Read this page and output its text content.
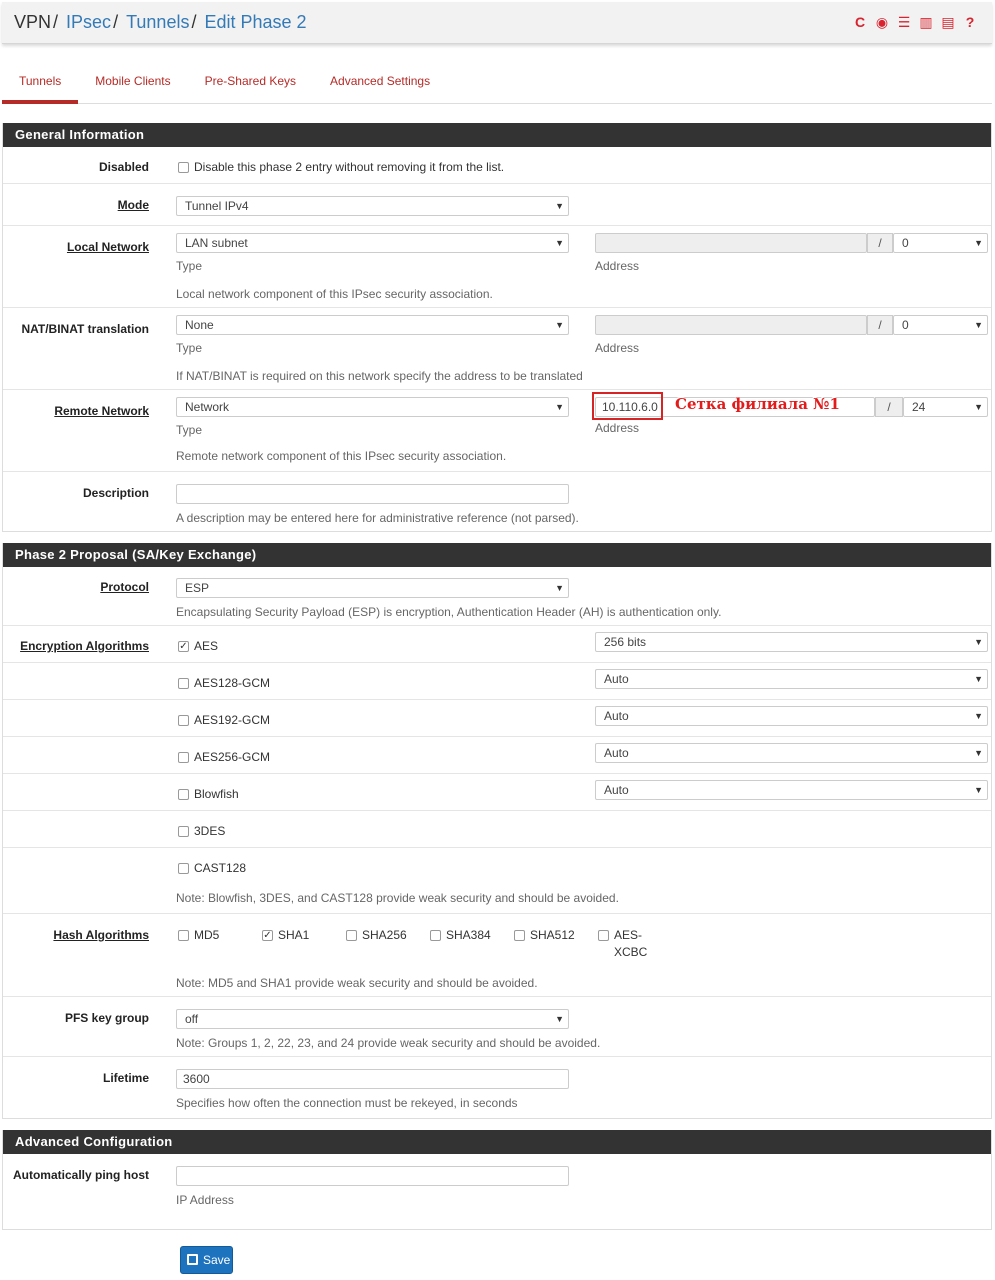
VPN / IPsec / Tunnels / Edit Phase 2	C ◉ ☰ ▥ ▤ ?
Tunnels	Mobile Clients	Pre-Shared Keys	Advanced Settings
General Information
Disabled	Disable this phase 2 entry without removing it from the list.
Mode	Tunnel IPv4	▼
Local Network	LAN subnet	▼
Type
/	0	▼
Address
Local network component of this IPsec security association.
NAT/BINAT translation	None	▼
Type
/	0	▼
Address
If NAT/BINAT is required on this network specify the address to be translated
Remote Network	Network	▼
Type
10.110.6.0	Сетка филиала №1	/	24	▼
Address
Remote network component of this IPsec security association.
Description
A description may be entered here for administrative reference (not parsed).
Phase 2 Proposal (SA/Key Exchange)
Protocol	ESP	▼
Encapsulating Security Payload (ESP) is encryption, Authentication Header (AH) is authentication only.
Encryption Algorithms	✓ AES	256 bits	▼
AES128-GCM	Auto	▼
AES192-GCM	Auto	▼
AES256-GCM	Auto	▼
Blowfish	Auto	▼
3DES
CAST128
Note: Blowfish, 3DES, and CAST128 provide weak security and should be avoided.
Hash Algorithms	MD5	✓ SHA1	SHA256	SHA384	SHA512	AES-
XCBC
Note: MD5 and SHA1 provide weak security and should be avoided.
PFS key group	off	▼
Note: Groups 1, 2, 22, 23, and 24 provide weak security and should be avoided.
Lifetime	3600
Specifies how often the connection must be rekeyed, in seconds
Advanced Configuration
Automatically ping host
IP Address
Save
